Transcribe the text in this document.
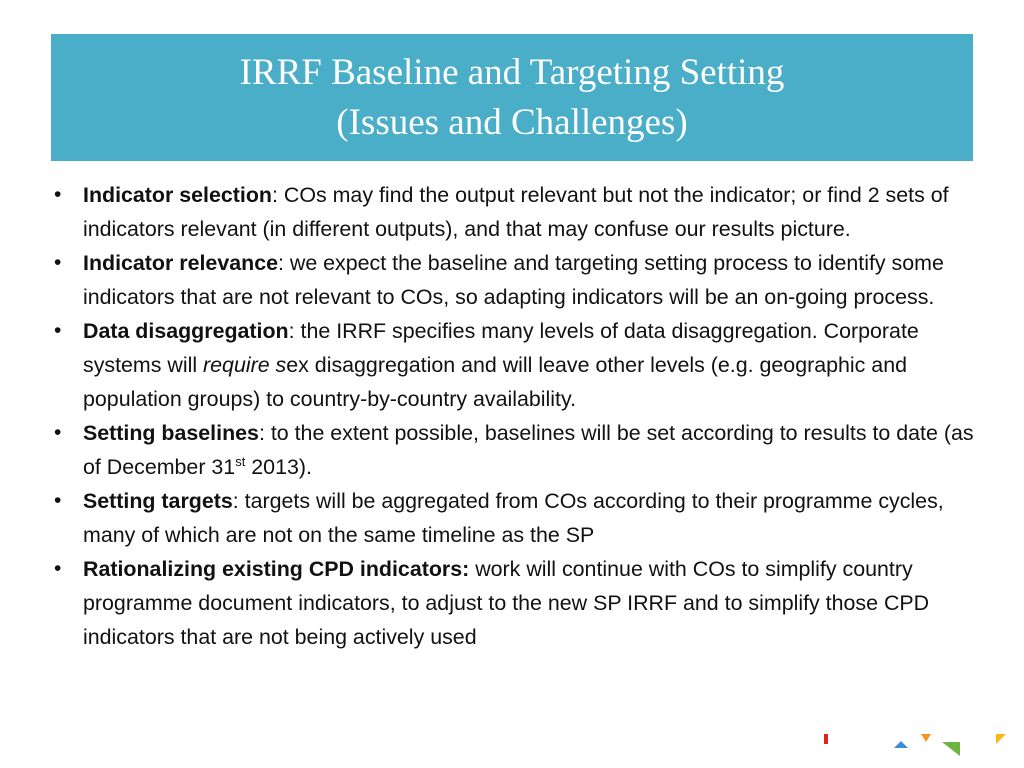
IRRF Baseline and Targeting Setting
(Issues and Challenges)
• Indicator selection: COs may find the output relevant but not the indicator; or find 2 sets of indicators relevant (in different outputs), and that may confuse our results picture.
• Indicator relevance: we expect the baseline and targeting setting process to identify some indicators that are not relevant to COs, so adapting indicators will be an on-going process.
• Data disaggregation: the IRRF specifies many levels of data disaggregation. Corporate systems will require sex disaggregation and will leave other levels (e.g. geographic and population groups) to country-by-country availability.
• Setting baselines: to the extent possible, baselines will be set according to results to date (as of December 31st 2013).
• Setting targets: targets will be aggregated from COs according to their programme cycles, many of which are not on the same timeline as the SP
• Rationalizing existing CPD indicators: work will continue with COs to simplify country programme document indicators, to adjust to the new SP IRRF and to simplify those CPD indicators that are not being actively used
